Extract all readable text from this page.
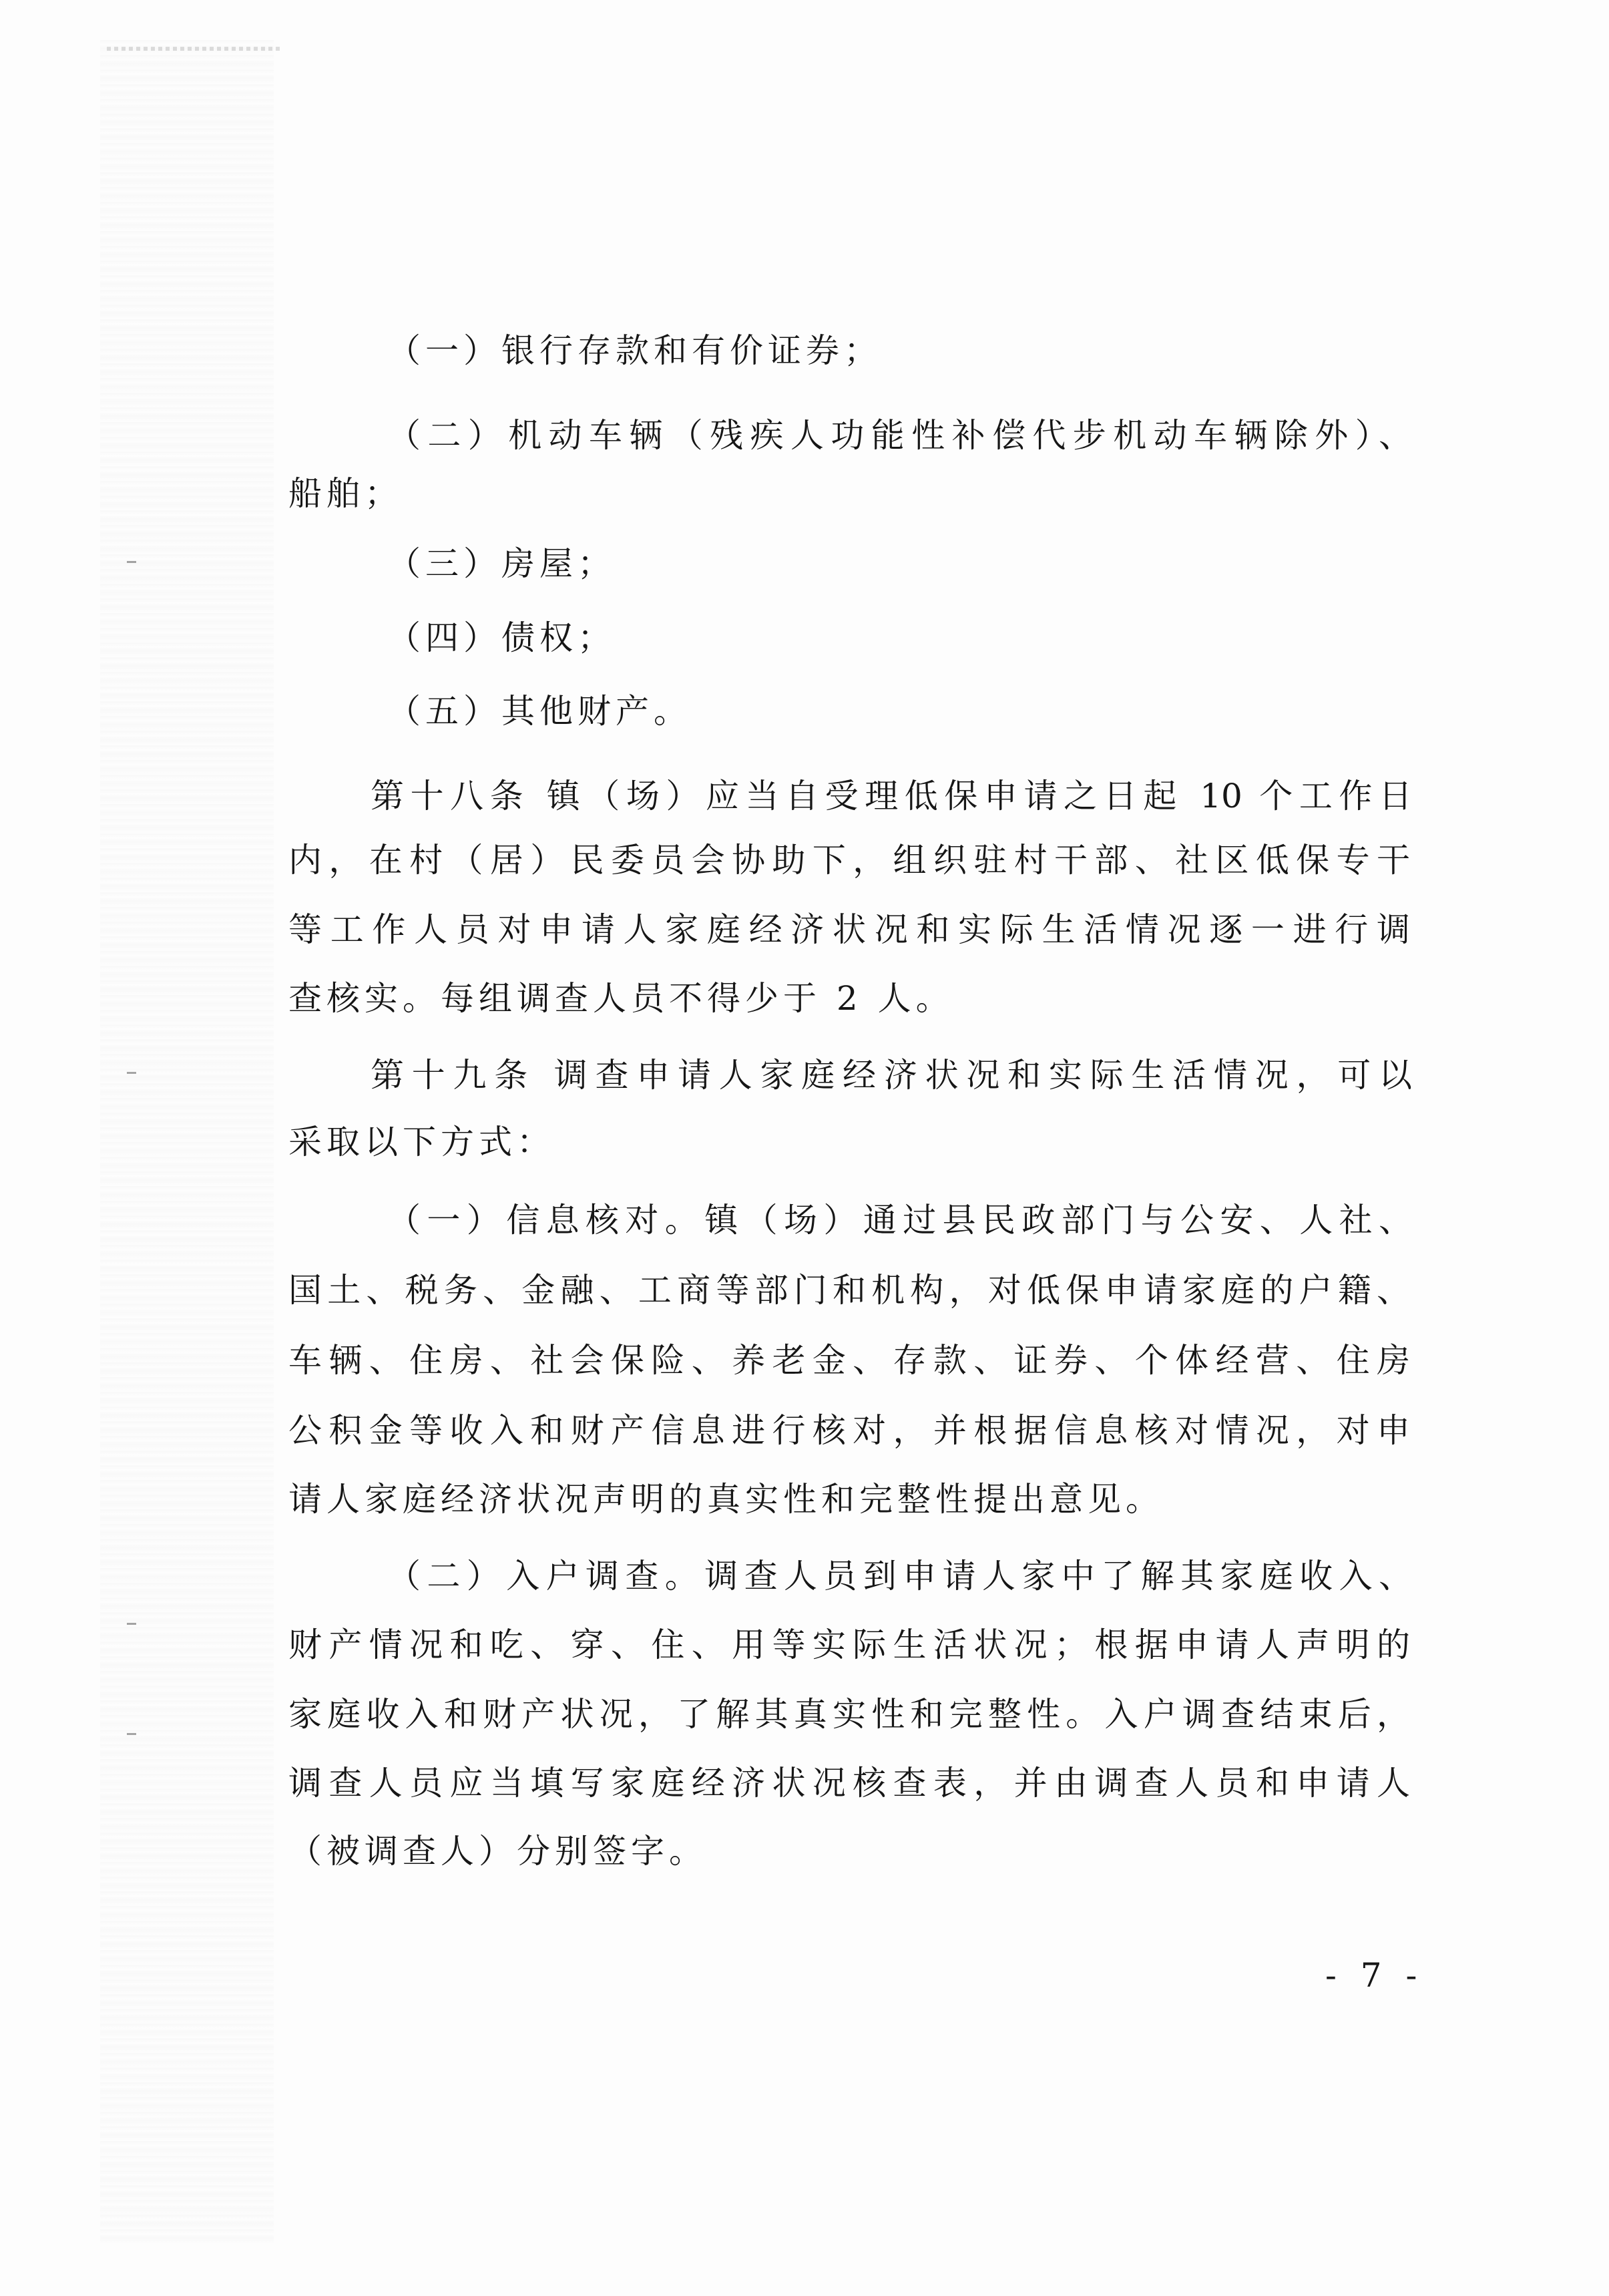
（一）银行存款和有价证券；
（二）机动车辆（残疾人功能性补偿代步机动车辆除外）、
船舶；
（三）房屋；
（四）债权；
（五）其他财产。
第十八条 镇（场）应当自受理低保申请之日起 10 个工作日
内，在村（居）民委员会协助下，组织驻村干部、社区低保专干
等工作人员对申请人家庭经济状况和实际生活情况逐一进行调
查核实。每组调查人员不得少于 2 人。
第十九条 调查申请人家庭经济状况和实际生活情况，可以
采取以下方式：
（一）信息核对。镇（场）通过县民政部门与公安、人社、
国土、税务、金融、工商等部门和机构，对低保申请家庭的户籍、
车辆、住房、社会保险、养老金、存款、证券、个体经营、住房
公积金等收入和财产信息进行核对，并根据信息核对情况，对申
请人家庭经济状况声明的真实性和完整性提出意见。
（二）入户调查。调查人员到申请人家中了解其家庭收入、
财产情况和吃、穿、住、用等实际生活状况；根据申请人声明的
家庭收入和财产状况，了解其真实性和完整性。入户调查结束后，
调查人员应当填写家庭经济状况核查表，并由调查人员和申请人
（被调查人）分别签字。
- 7 -
